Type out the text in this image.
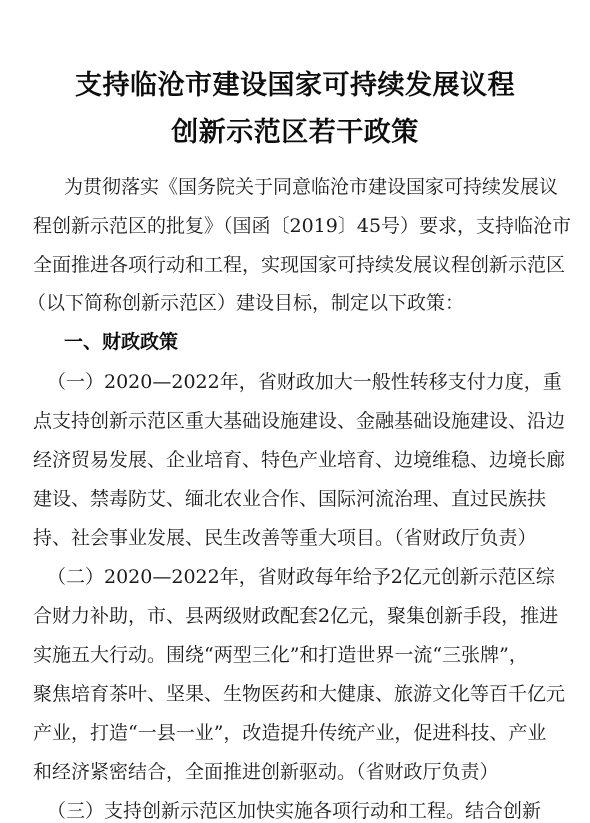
支持临沧市建设国家可持续发展议程
创新示范区若干政策
为贯彻落实《国务院关于同意临沧市建设国家可持续发展议
程创新示范区的批复》（国函〔2019〕45号）要求，支持临沧市
全面推进各项行动和工程，实现国家可持续发展议程创新示范区
（以下简称创新示范区）建设目标，制定以下政策：
一、财政政策
（一）2020—2022年，省财政加大一般性转移支付力度，重
点支持创新示范区重大基础设施建设、金融基础设施建设、沿边
经济贸易发展、企业培育、特色产业培育、边境维稳、边境长廊
建设、禁毒防艾、缅北农业合作、国际河流治理、直过民族扶
持、社会事业发展、民生改善等重大项目。（省财政厅负责）
（二）2020—2022年，省财政每年给予2亿元创新示范区综
合财力补助，市、县两级财政配套2亿元，聚集创新手段，推进
实施五大行动。围绕“两型三化”和打造世界一流“三张牌”，
聚焦培育茶叶、坚果、生物医药和大健康、旅游文化等百千亿元
产业，打造“一县一业”，改造提升传统产业，促进科技、产业
和经济紧密结合，全面推进创新驱动。（省财政厅负责）
（三）支持创新示范区加快实施各项行动和工程。结合创新
